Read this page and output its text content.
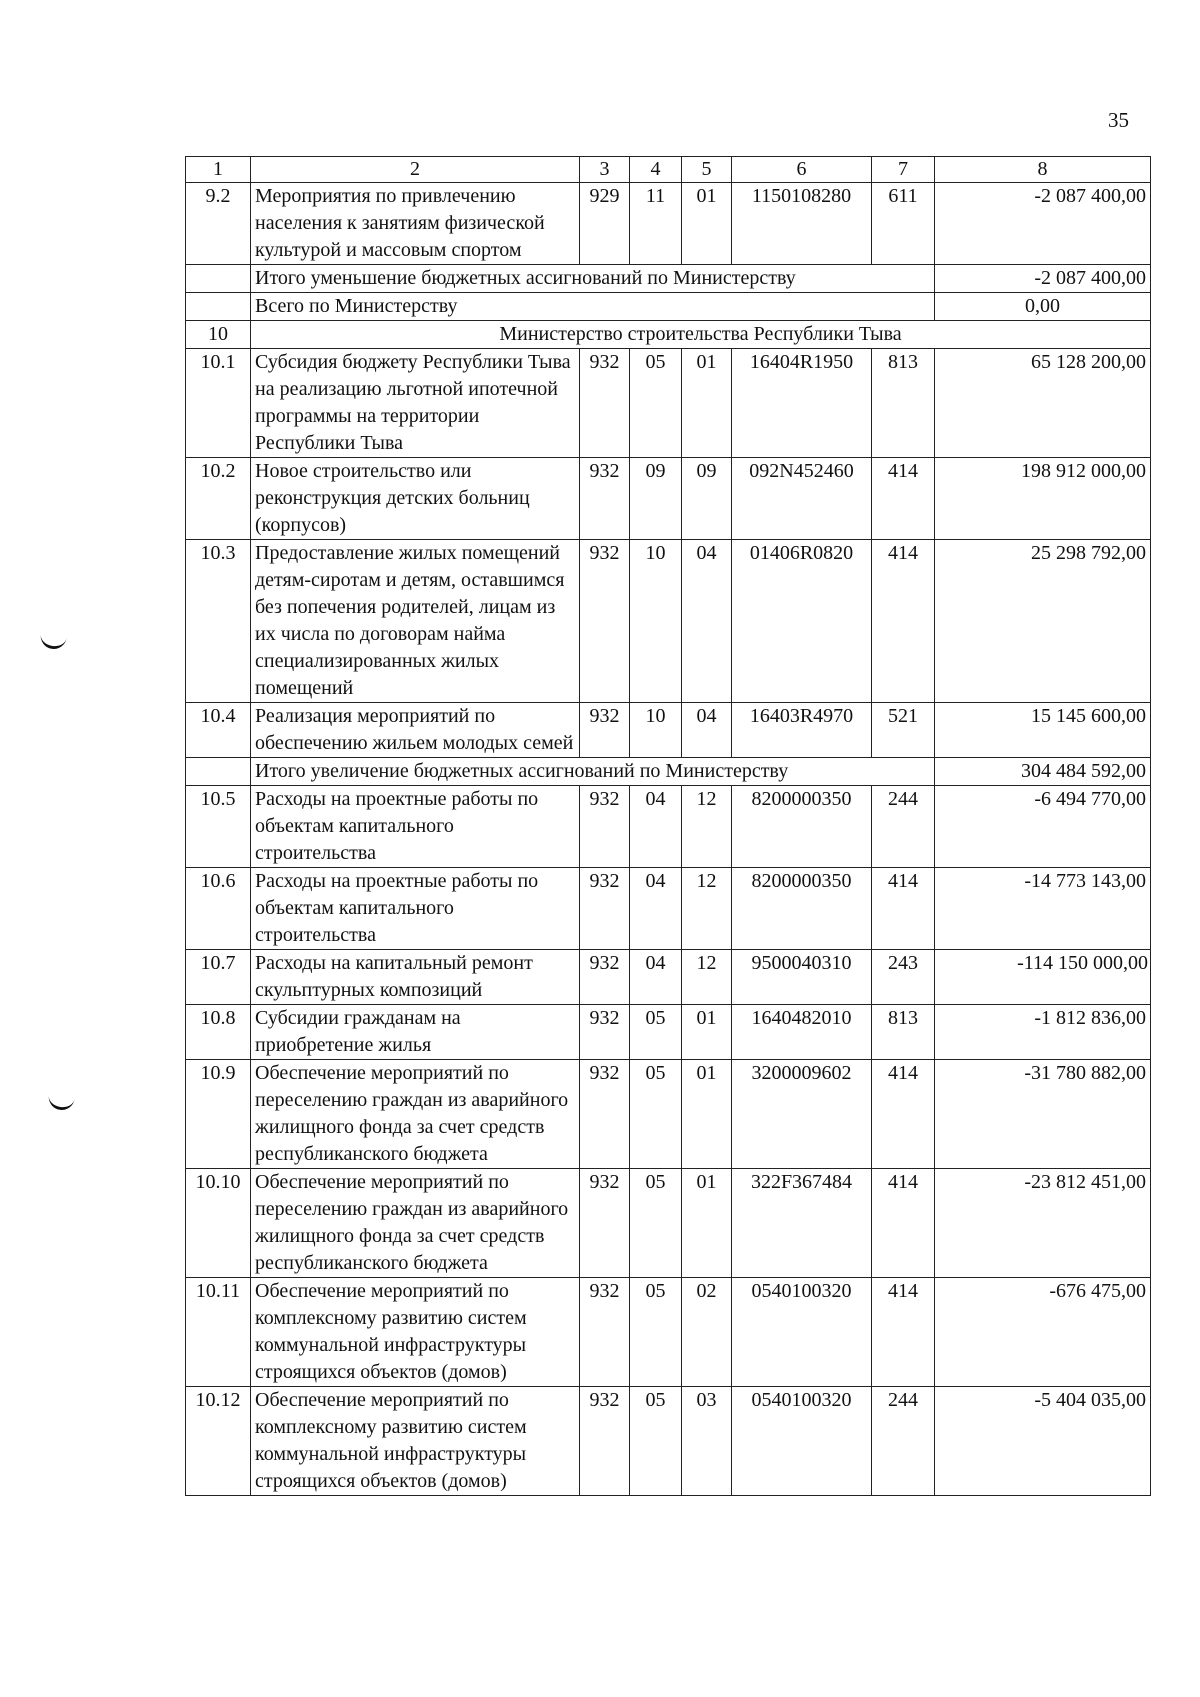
35
1	2	3	4	5	6	7	8
9.2	Мероприятия по привлечению населения к занятиям физической культурой и массовым спортом	929	11	01	1150108280	611	-2 087 400,00
	Итого уменьшение бюджетных ассигнований по Министерству						-2 087 400,00
	Всего по Министерству						0,00
10	Министерство строительства Республики Тыва						
10.1	Субсидия бюджету Республики Тыва на реализацию льготной ипотечной программы на территории Республики Тыва	932	05	01	16404R1950	813	65 128 200,00
10.2	Новое строительство или реконструкция детских больниц (корпусов)	932	09	09	092N452460	414	198 912 000,00
10.3	Предоставление жилых помещений детям-сиротам и детям, оставшимся без попечения родителей, лицам из их числа по договорам найма специализированных жилых помещений	932	10	04	01406R0820	414	25 298 792,00
10.4	Реализация мероприятий по обеспечению жильем молодых семей	932	10	04	16403R4970	521	15 145 600,00
	Итого увеличение бюджетных ассигнований по Министерству						304 484 592,00
10.5	Расходы на проектные работы по объектам капитального строительства	932	04	12	8200000350	244	-6 494 770,00
10.6	Расходы на проектные работы по объектам капитального строительства	932	04	12	8200000350	414	-14 773 143,00
10.7	Расходы на капитальный ремонт скульптурных композиций	932	04	12	9500040310	243	-114 150 000,00
10.8	Субсидии гражданам на приобретение жилья	932	05	01	1640482010	813	-1 812 836,00
10.9	Обеспечение мероприятий по переселению граждан из аварийного жилищного фонда за счет средств республиканского бюджета	932	05	01	3200009602	414	-31 780 882,00
10.10	Обеспечение мероприятий по переселению граждан из аварийного жилищного фонда за счет средств республиканского бюджета	932	05	01	322F367484	414	-23 812 451,00
10.11	Обеспечение мероприятий по комплексному развитию систем коммунальной инфраструктуры строящихся объектов (домов)	932	05	02	0540100320	414	-676 475,00
10.12	Обеспечение мероприятий по комплексному развитию систем коммунальной инфраструктуры строящихся объектов (домов)	932	05	03	0540100320	244	-5 404 035,00
